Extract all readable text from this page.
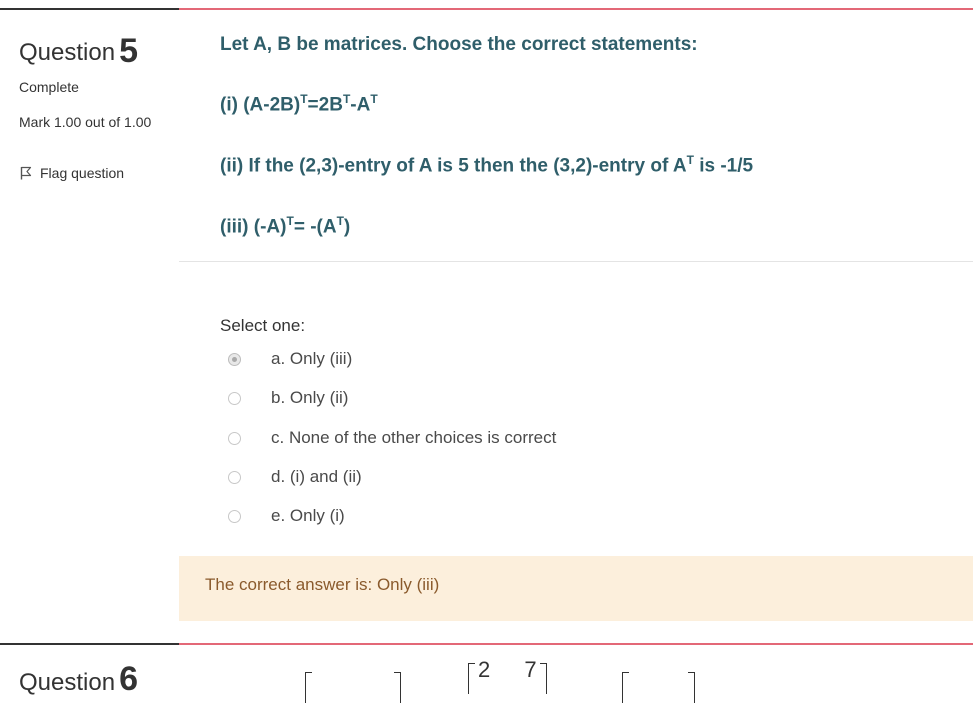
Question 5
Complete
Mark 1.00 out of 1.00
Flag question
Let A, B be matrices. Choose the correct statements:
(i) $(A-2B)^T=2B^T-A^T$
(ii) If the (2,3)-entry of A is 5 then the (3,2)-entry of $A^T$ is -1/5
(iii) $(-A)^T= -(A^T)$
Select one:
a. Only (iii)
b. Only (ii)
c. None of the other choices is correct
d. (i) and (ii)
e. Only (i)
The correct answer is: Only (iii)
Question 6	2 7
